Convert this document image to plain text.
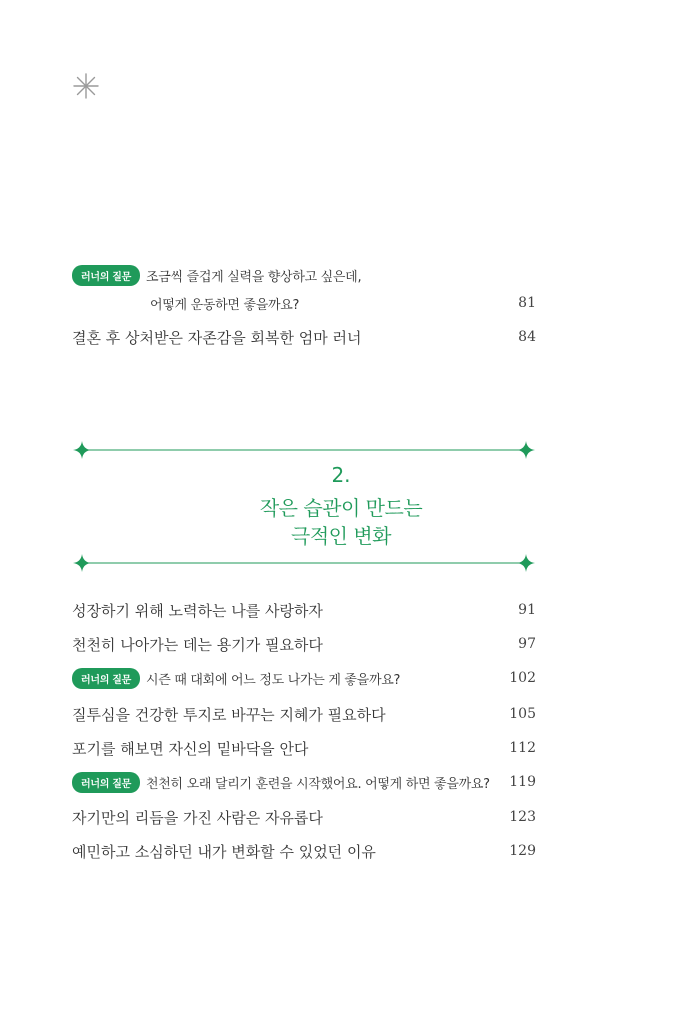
러너의 질문	조금씩 즐겁게 실력을 향상하고 싶은데,
어떻게 운동하면 좋을까요?	81
결혼 후 상처받은 자존감을 회복한 엄마 러너	84
2.
작은 습관이 만드는
극적인 변화
성장하기 위해 노력하는 나를 사랑하자	91
천천히 나아가는 데는 용기가 필요하다	97
러너의 질문	시즌 때 대회에 어느 정도 나가는 게 좋을까요?	102
질투심을 건강한 투지로 바꾸는 지혜가 필요하다	105
포기를 해보면 자신의 밑바닥을 안다	112
러너의 질문	천천히 오래 달리기 훈련을 시작했어요. 어떻게 하면 좋을까요? 119
자기만의 리듬을 가진 사람은 자유롭다	123
예민하고 소심하던 내가 변화할 수 있었던 이유	129
